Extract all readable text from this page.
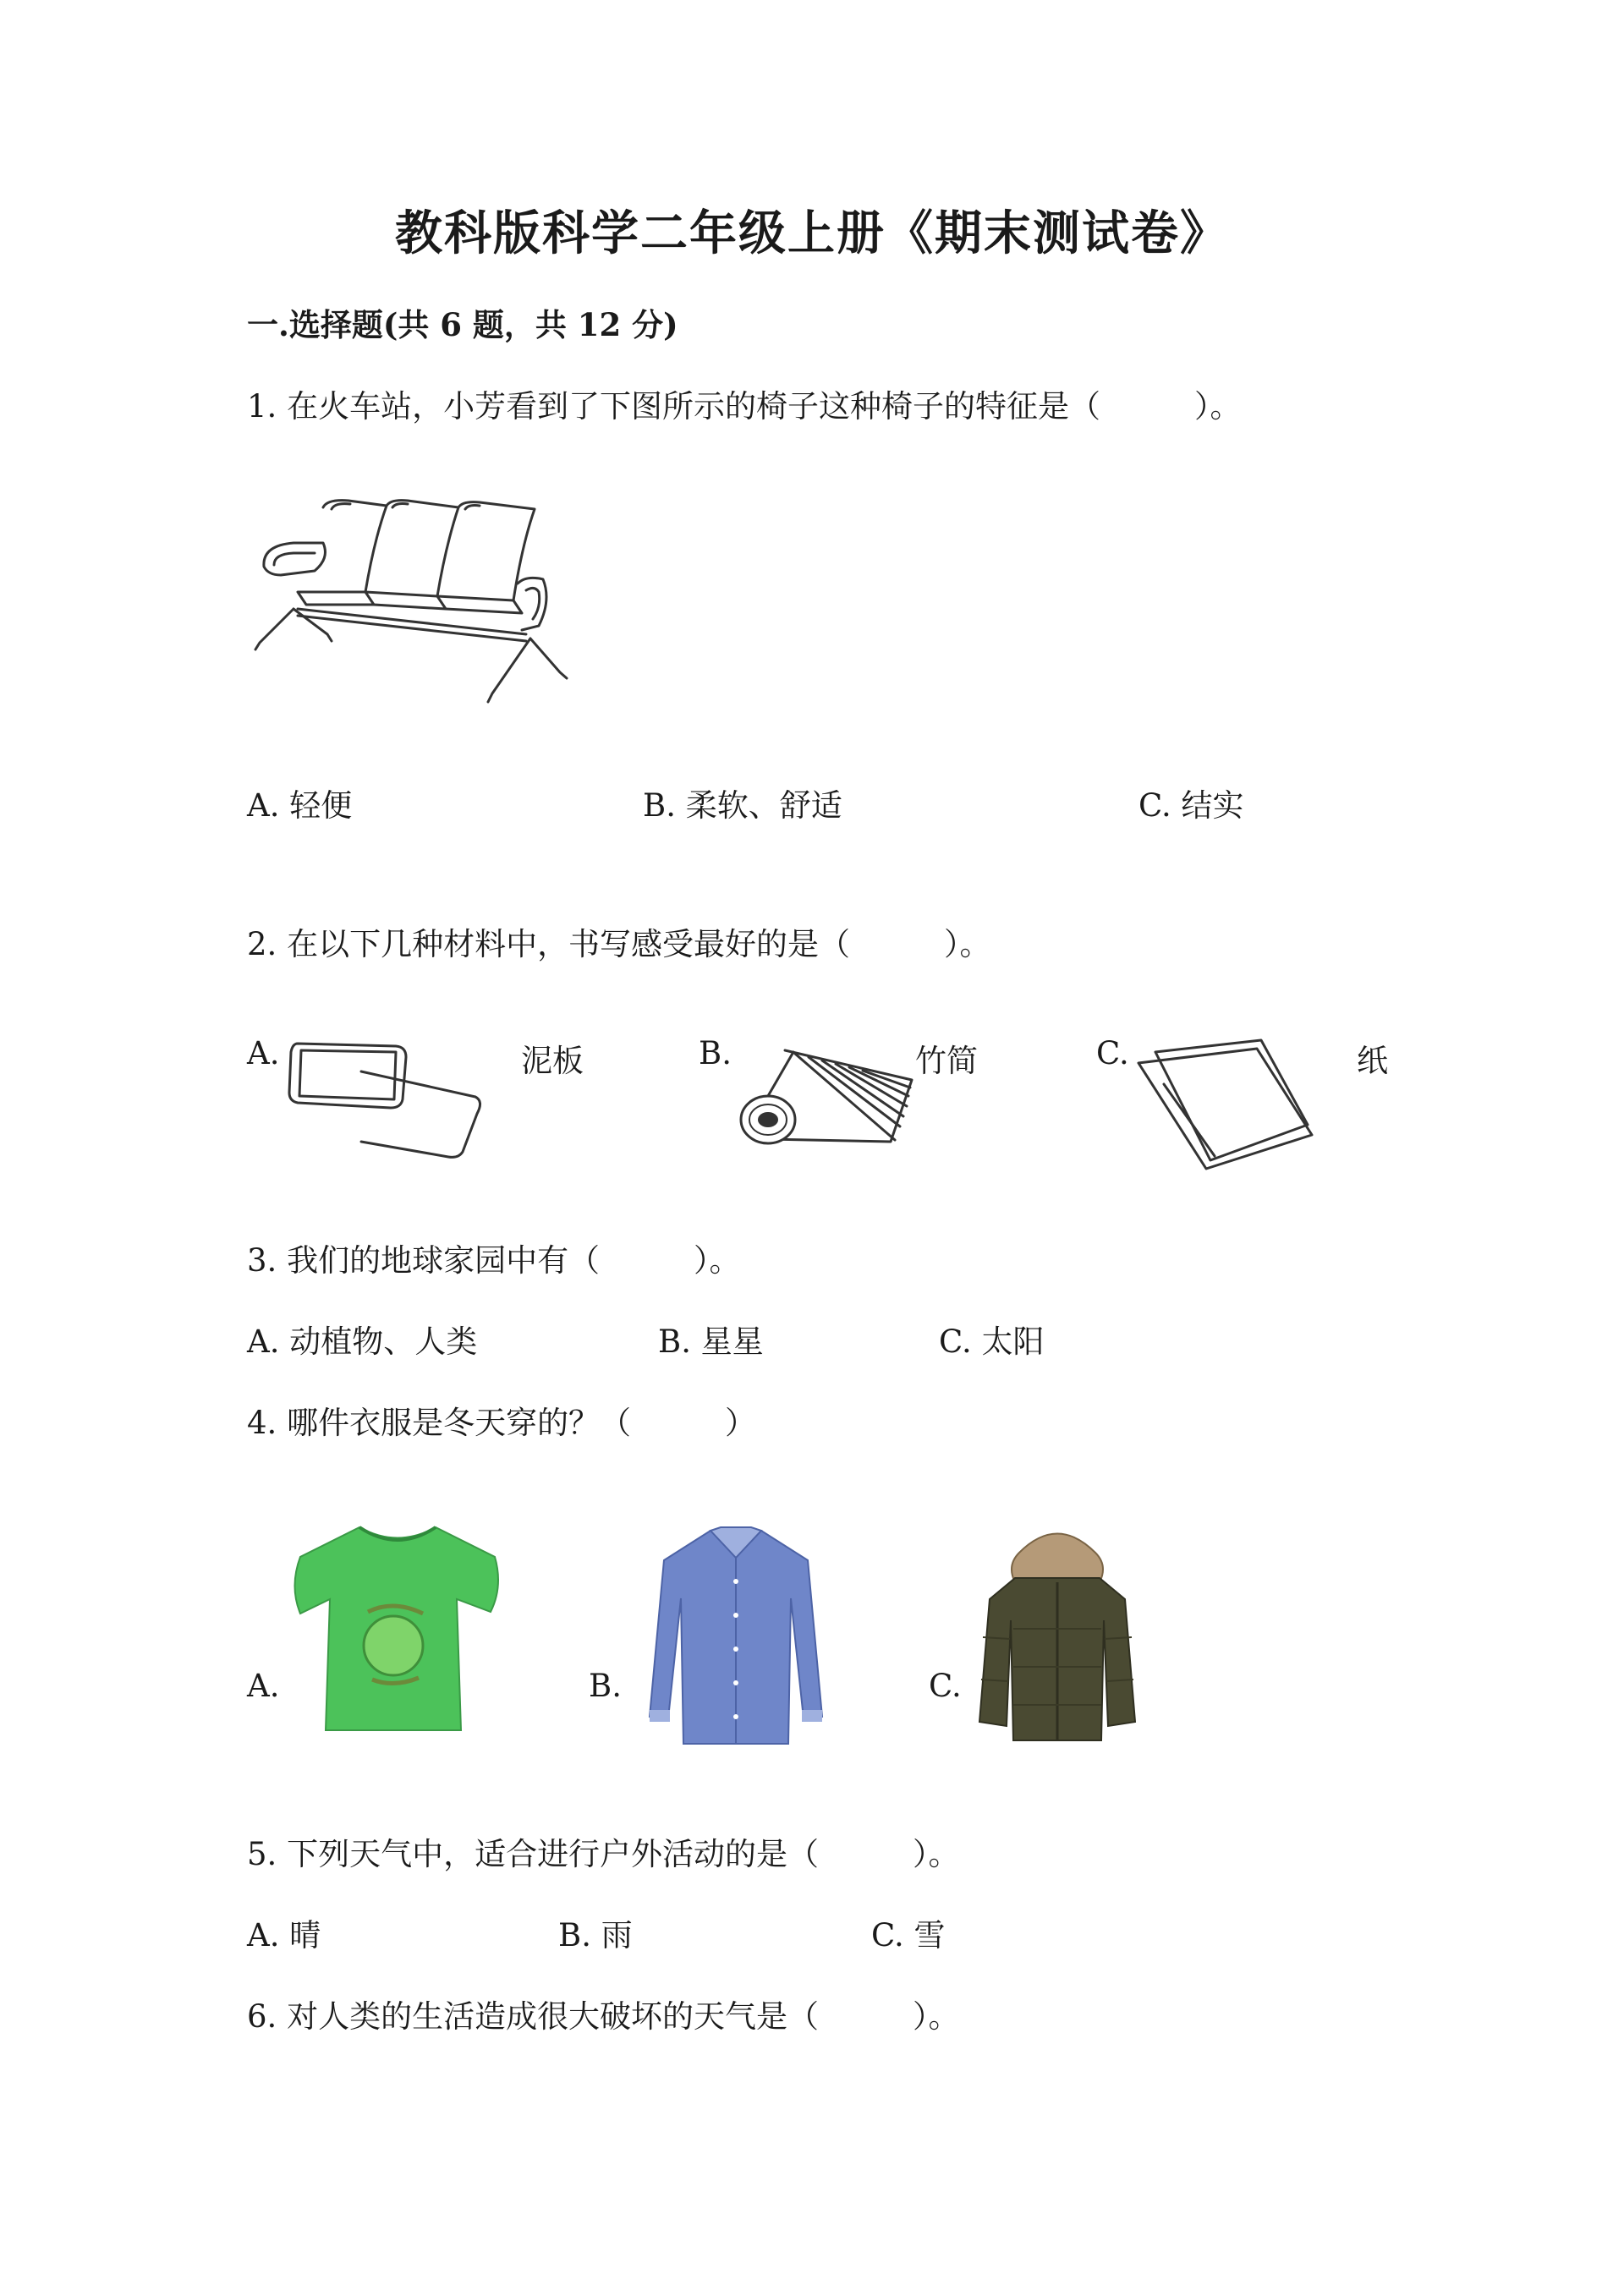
教科版科学二年级上册《期末测试卷》
一.选择题(共 6 题，共 12 分)
1. 在火车站，小芳看到了下图所示的椅子这种椅子的特征是（　　　）。
A. 轻便	B. 柔软、舒适	C. 结实
2. 在以下几种材料中，书写感受最好的是（　　　）。
A.	泥板	B.	竹简	C.	纸
3. 我们的地球家园中有（　　　）。
A. 动植物、人类	B. 星星	C. 太阳
4. 哪件衣服是冬天穿的？（　　　）
A.	B.	C.
5. 下列天气中，适合进行户外活动的是（　　　）。
A. 晴	B. 雨	C. 雪
6. 对人类的生活造成很大破坏的天气是（　　　）。
